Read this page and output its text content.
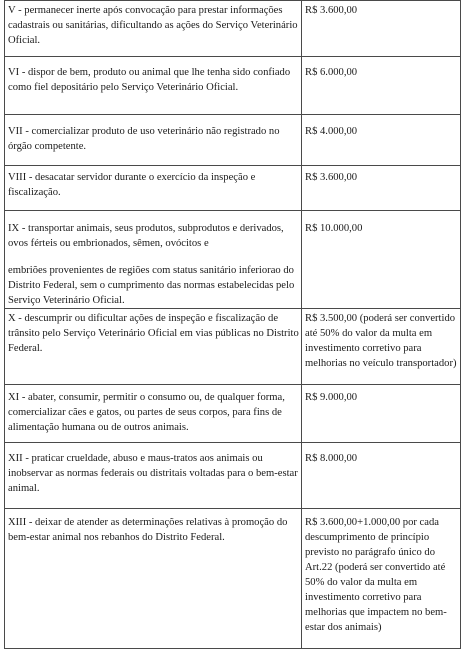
V - permanecer inerte após convocação para prestar informações cadastrais ou sanitárias, dificultando as ações do Serviço Veterinário Oficial.	R$ 3.600,00
VI - dispor de bem, produto ou animal que lhe tenha sido confiado como fiel depositário pelo Serviço Veterinário Oficial.	R$ 6.000,00
VII - comercializar produto de uso veterinário não registrado no órgão competente.	R$ 4.000,00
VIII - desacatar servidor durante o exercício da inspeção e fiscalização.	R$ 3.600,00

IX - transportar animais, seus produtos, subprodutos e derivados, ovos férteis ou embrionados, sêmen, ovócitos e
embriões provenientes de regiões com status sanitário inferiorao do Distrito Federal, sem o cumprimento das normas estabelecidas pelo Serviço Veterinário Oficial.	R$ 10.000,00
X - descumprir ou dificultar ações de inspeção e fiscalização de trânsito pelo Serviço Veterinário Oficial em vias públicas no Distrito Federal.	R$ 3.500,00 (poderá ser convertido até 50% do valor da multa em investimento corretivo para melhorias no veículo transportador)
XI - abater, consumir, permitir o consumo ou, de qualquer forma, comercializar cães e gatos, ou partes de seus corpos, para fins de alimentação humana ou de outros animais.	R$ 9.000,00
XII - praticar crueldade, abuso e maus-tratos aos animais ou inobservar as normas federais ou distritais voltadas para o bem-estar animal.	R$ 8.000,00
XIII - deixar de atender as determinações relativas à promoção do bem-estar animal nos rebanhos do Distrito Federal.	R$ 3.600,00+1.000,00 por cada descumprimento de princípio previsto no parágrafo único do Art.22 (poderá ser convertido até 50% do valor da multa em investimento corretivo para melhorias que impactem no bem-estar dos animais)
